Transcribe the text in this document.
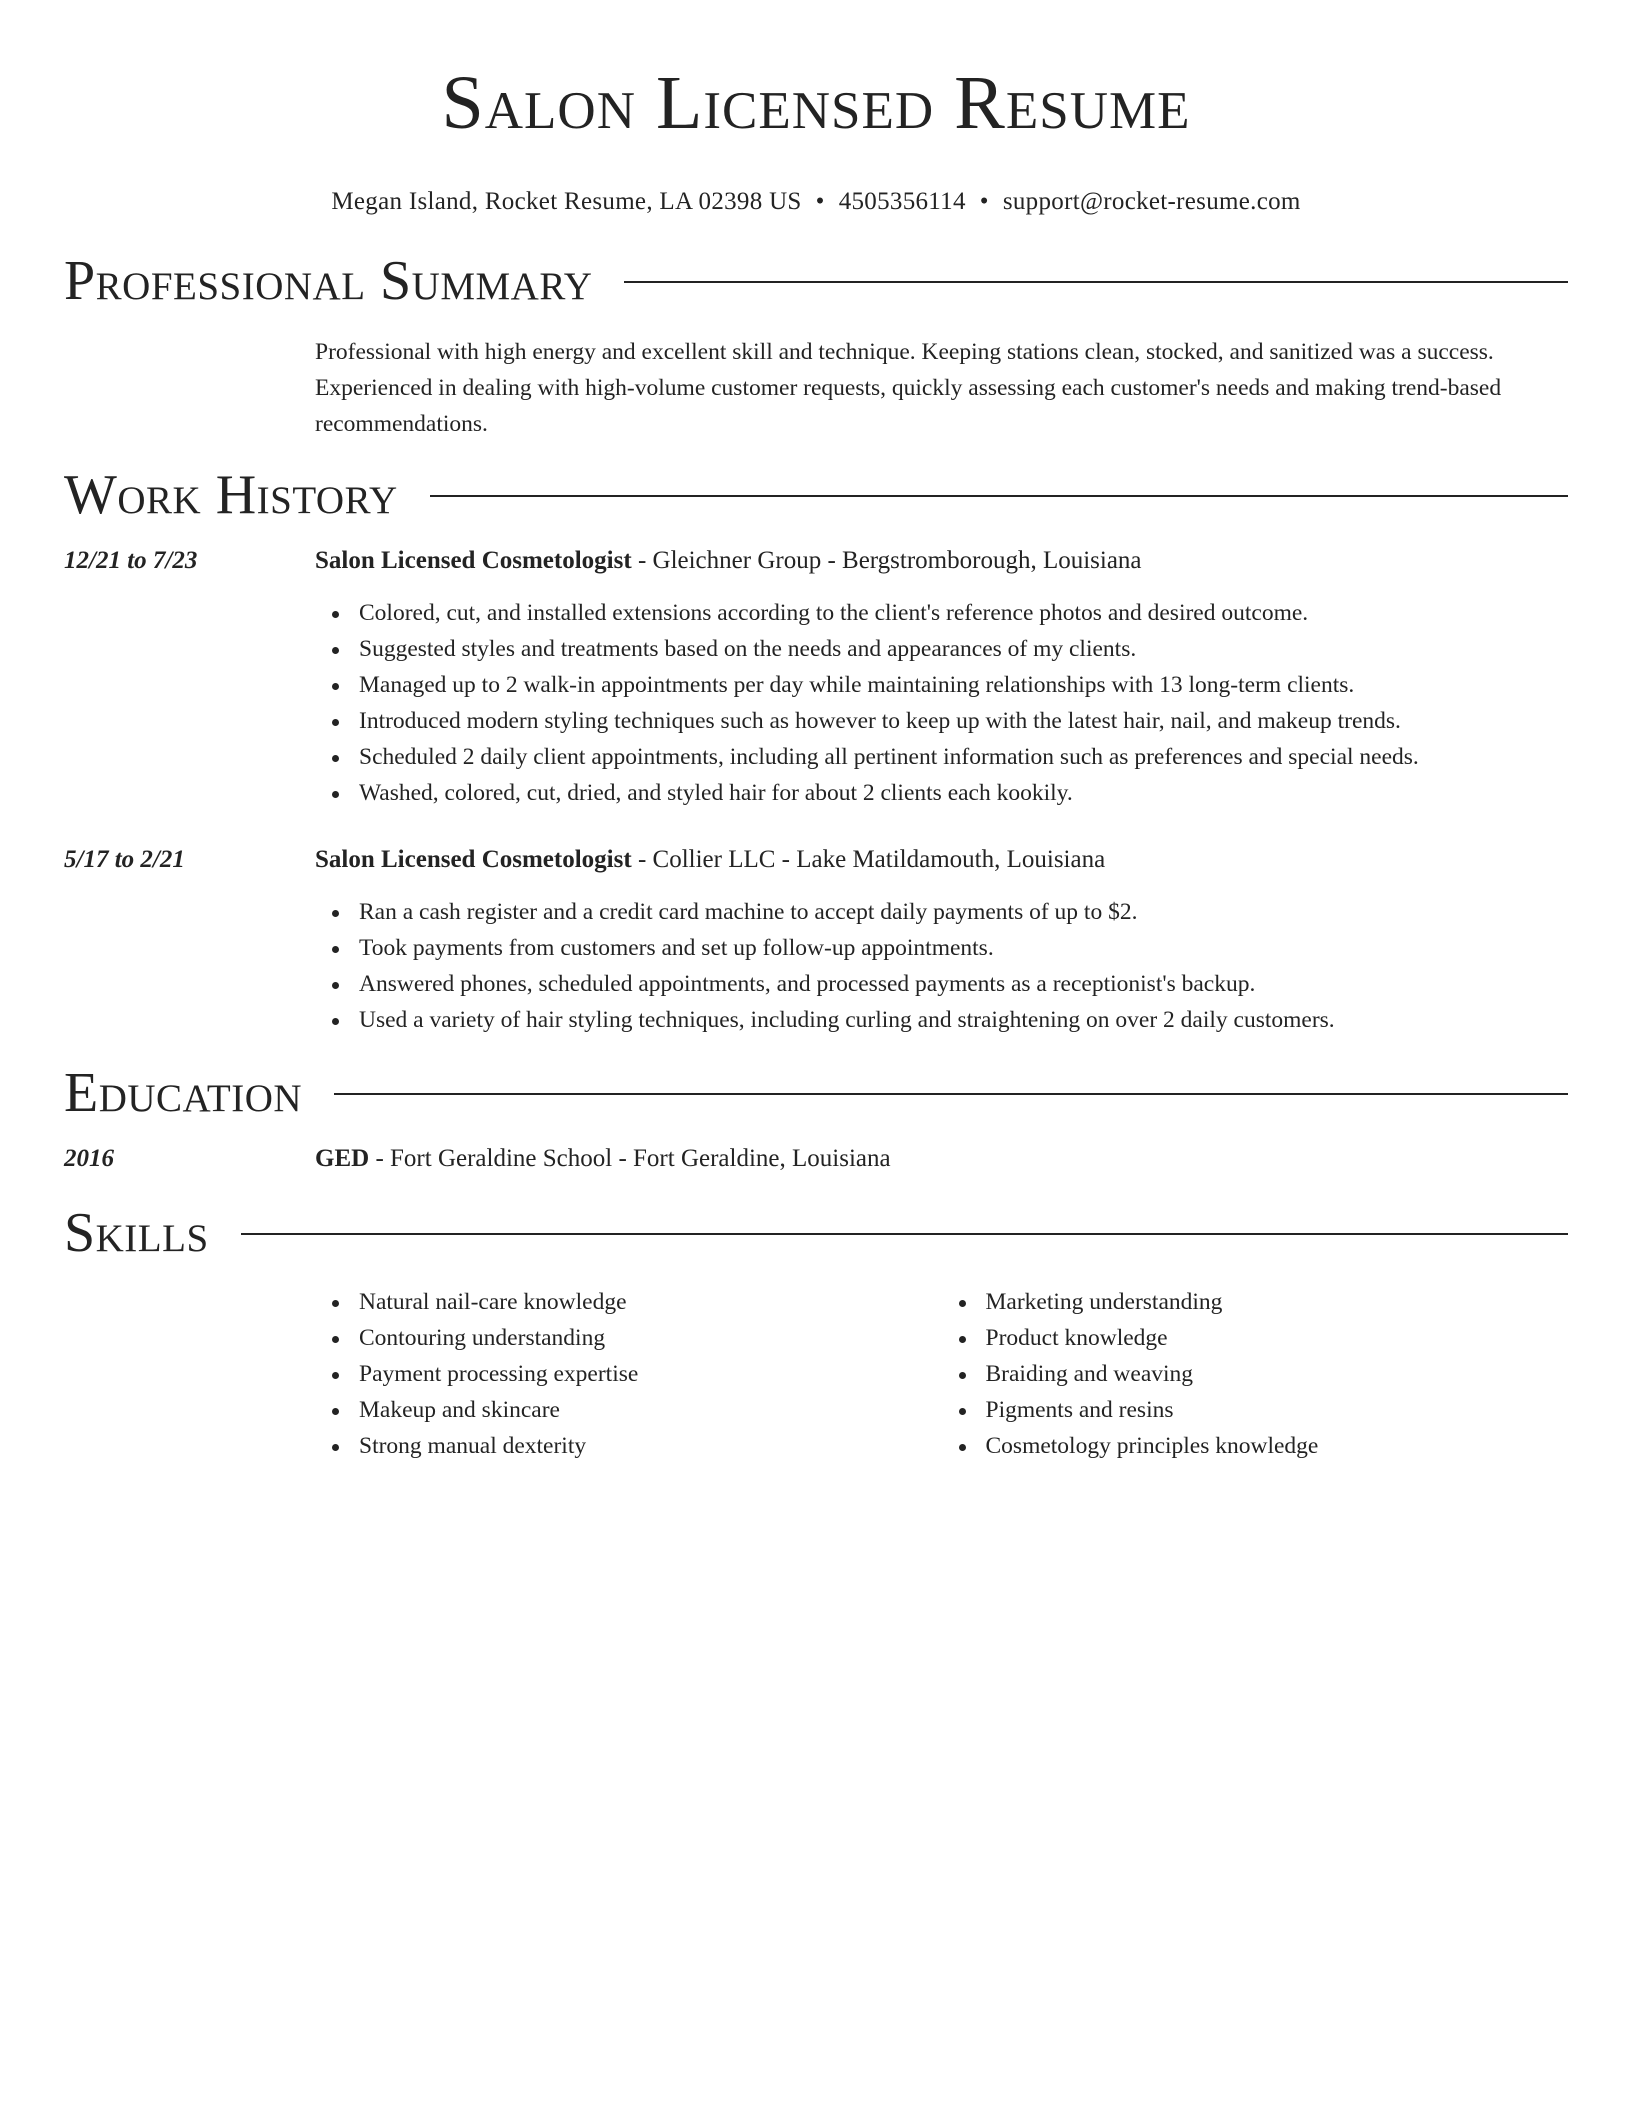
Salon Licensed Resume
Megan Island, Rocket Resume, LA 02398 US • 4505356114 • support@rocket-resume.com
Professional Summary
Professional with high energy and excellent skill and technique. Keeping stations clean, stocked, and sanitized was a success. Experienced in dealing with high-volume customer requests, quickly assessing each customer's needs and making trend-based recommendations.
Work History
12/21 to 7/23	Salon Licensed Cosmetologist - Gleichner Group - Bergstromborough, Louisiana
Colored, cut, and installed extensions according to the client's reference photos and desired outcome.
Suggested styles and treatments based on the needs and appearances of my clients.
Managed up to 2 walk-in appointments per day while maintaining relationships with 13 long-term clients.
Introduced modern styling techniques such as however to keep up with the latest hair, nail, and makeup trends.
Scheduled 2 daily client appointments, including all pertinent information such as preferences and special needs.
Washed, colored, cut, dried, and styled hair for about 2 clients each kookily.
5/17 to 2/21	Salon Licensed Cosmetologist - Collier LLC - Lake Matildamouth, Louisiana
Ran a cash register and a credit card machine to accept daily payments of up to $2.
Took payments from customers and set up follow-up appointments.
Answered phones, scheduled appointments, and processed payments as a receptionist's backup.
Used a variety of hair styling techniques, including curling and straightening on over 2 daily customers.
Education
2016	GED - Fort Geraldine School - Fort Geraldine, Louisiana
Skills
Natural nail-care knowledge
Contouring understanding
Payment processing expertise
Makeup and skincare
Strong manual dexterity
Marketing understanding
Product knowledge
Braiding and weaving
Pigments and resins
Cosmetology principles knowledge
